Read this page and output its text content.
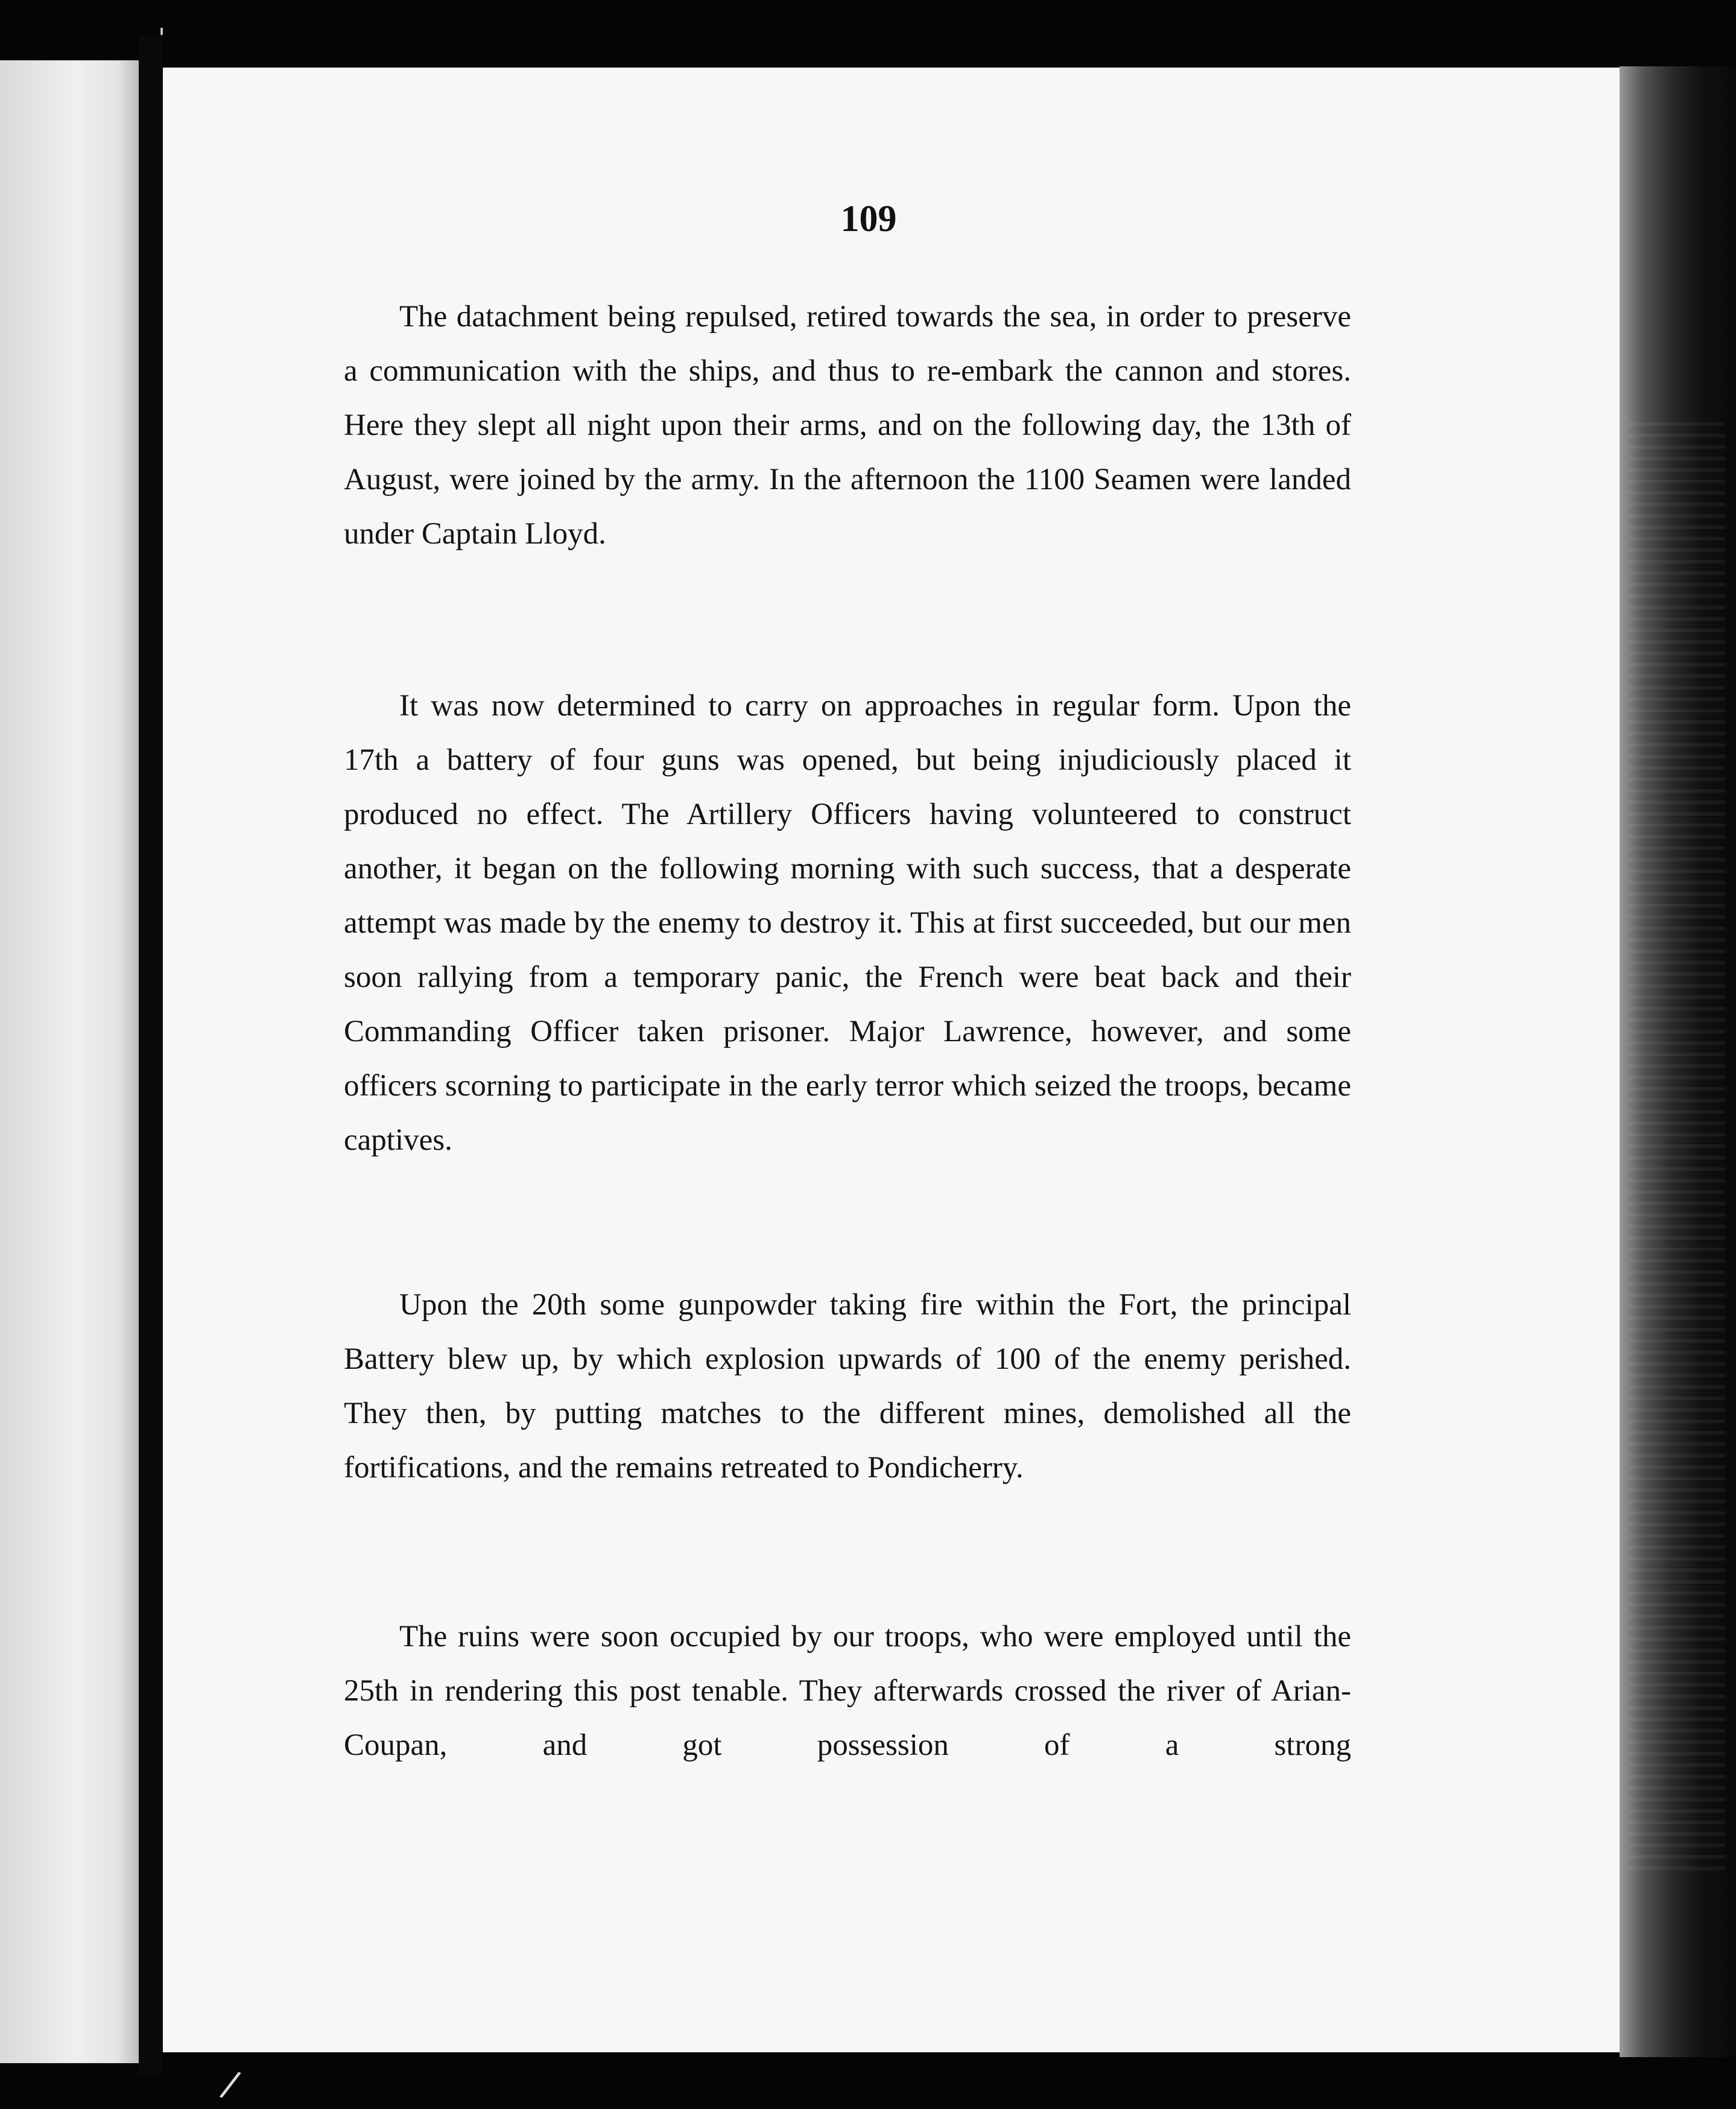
'
/
109

The datachment being repulsed, retired towards the sea, in order to preserve a communication with the ships, and thus to re-embark the cannon and stores. Here they slept all night upon their arms, and on the following day, the 13th of August, were joined by the army. In the afternoon the 1100 Seamen were landed under Captain Lloyd.

It was now determined to carry on approaches in regular form. Upon the 17th a battery of four guns was opened, but being injudiciously placed it produced no effect. The Artillery Officers having volunteered to construct another, it began on the following morning with such success, that a desperate attempt was made by the enemy to destroy it. This at first succeeded, but our men soon rallying from a temporary panic, the French were beat back and their Commanding Officer taken prisoner. Major Lawrence, however, and some officers scorning to participate in the early terror which seized the troops, became captives.

Upon the 20th some gunpowder taking fire within the Fort, the principal Battery blew up, by which explosion upwards of 100 of the enemy perished. They then, by putting matches to the different mines, demolished all the fortifications, and the remains retreated to Pondicherry.

The ruins were soon occupied by our troops, who were employed until the 25th in rendering this post tenable. They afterwards crossed the river of Arian-Coupan, and got possession of a strong
